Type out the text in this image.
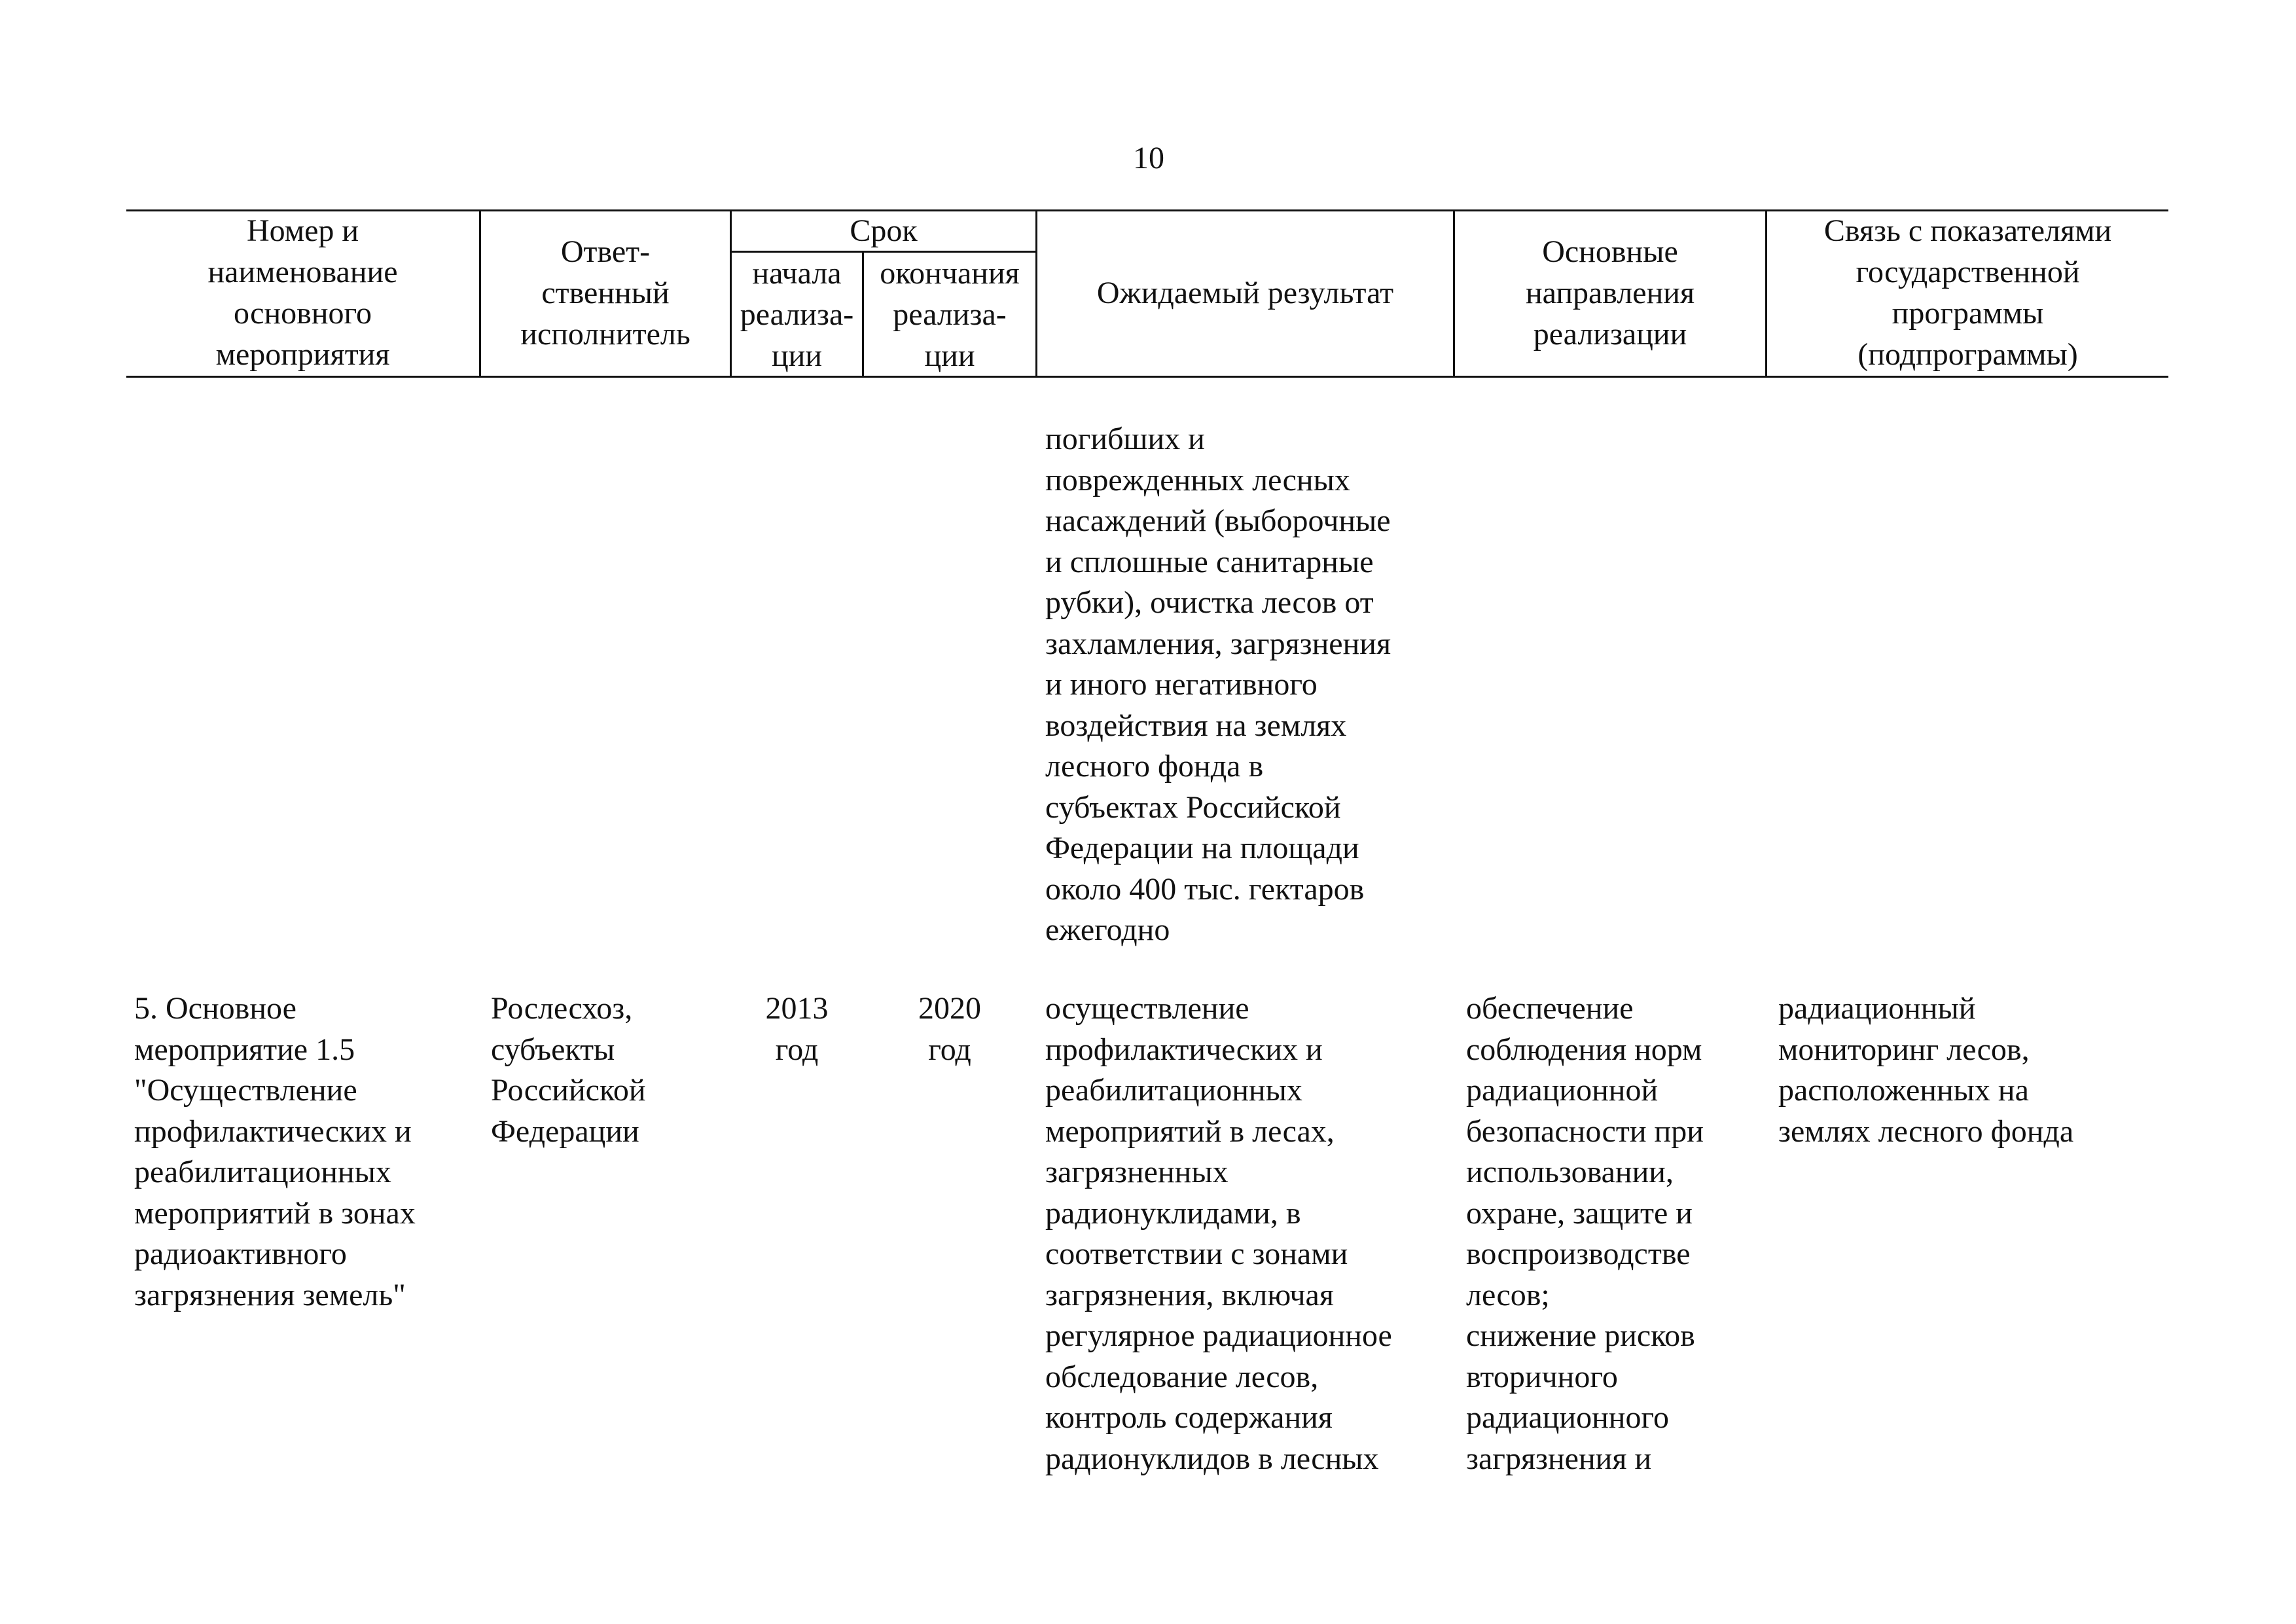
10
Номер и
наименование
основного
мероприятия
Ответ-
ственный
исполнитель
Срок
начала
реализа-
ции
окончания
реализа-
ции
Ожидаемый результат
Основные
направления
реализации
Связь с показателями
государственной
программы
(подпрограммы)
погибших и
поврежденных лесных
насаждений (выборочные
и сплошные санитарные
рубки), очистка лесов от
захламления, загрязнения
и иного негативного
воздействия на землях
лесного фонда в
субъектах Российской
Федерации на площади
около 400 тыс. гектаров
ежегодно
5. Основное
мероприятие 1.5
"Осуществление
профилактических и
реабилитационных
мероприятий в зонах
радиоактивного
загрязнения земель"
Рослесхоз,
субъекты
Российской
Федерации
2013
год
2020
год
осуществление
профилактических и
реабилитационных
мероприятий в лесах,
загрязненных
радионуклидами, в
соответствии с зонами
загрязнения, включая
регулярное радиационное
обследование лесов,
контроль содержания
радионуклидов в лесных
обеспечение
соблюдения норм
радиационной
безопасности при
использовании,
охране, защите и
воспроизводстве
лесов;
снижение рисков
вторичного
радиационного
загрязнения и
радиационный
мониторинг лесов,
расположенных на
землях лесного фонда
